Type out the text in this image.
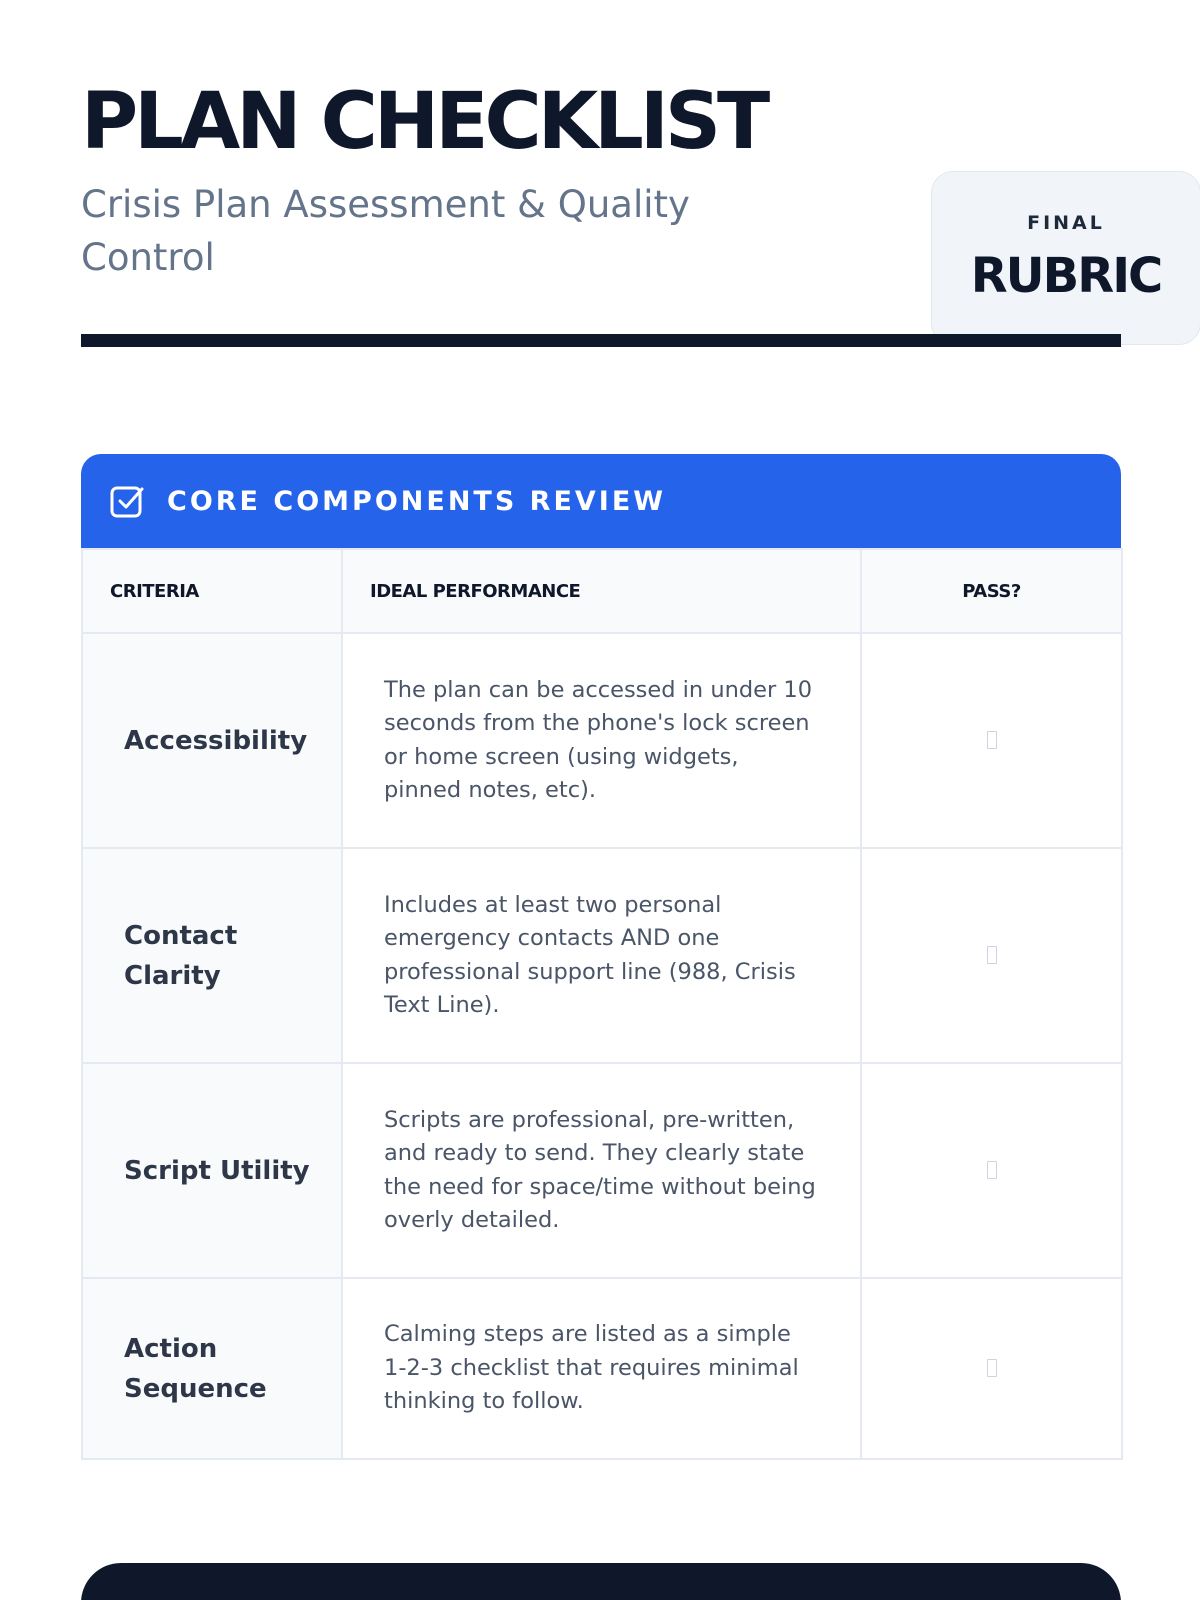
PLAN CHECKLIST

Crisis Plan Assessment & Quality Control

FINAL
RUBRIC
CORE COMPONENTS REVIEW
CRITERIA	IDEAL PERFORMANCE	PASS?
Accessibility	The plan can be accessed in under 10 seconds from the phone's lock screen or home screen (using widgets, pinned notes, etc).	
Contact Clarity	Includes at least two personal emergency contacts AND one professional support line (988, Crisis Text Line).	
Script Utility	Scripts are professional, pre-written, and ready to send. They clearly state the need for space/time without being overly detailed.	
Action Sequence	Calming steps are listed as a simple 1-2-3 checklist that requires minimal thinking to follow.	
